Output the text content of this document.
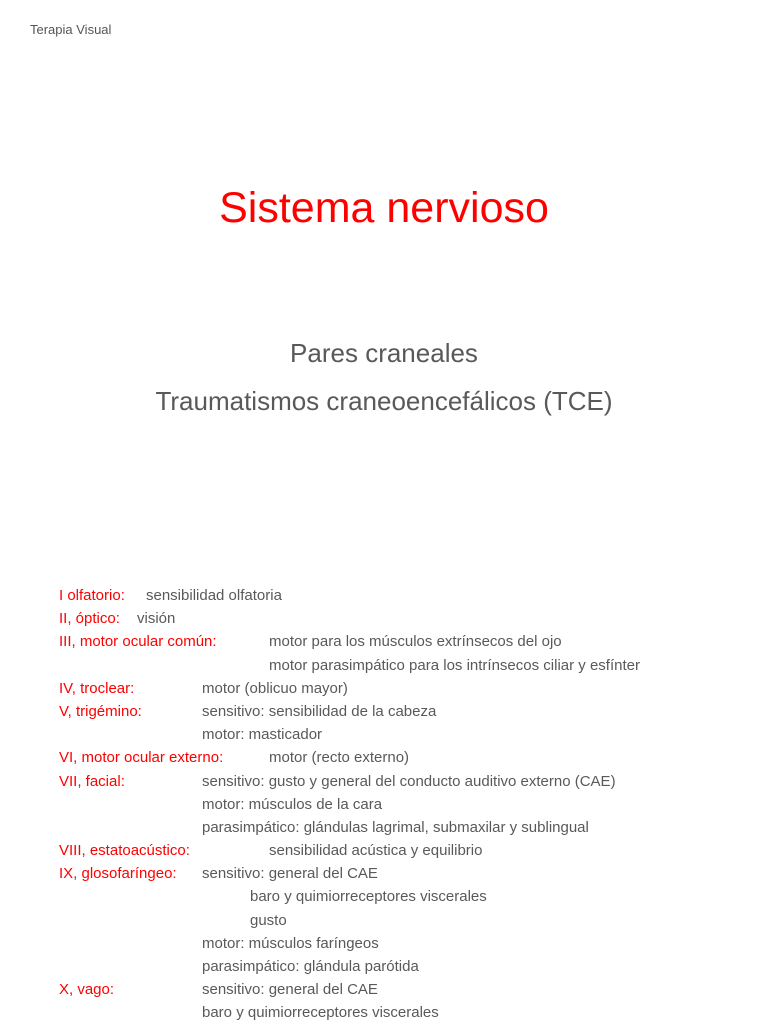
Terapia Visual
Sistema nervioso
Pares craneales
Traumatismos craneoencefálicos (TCE)
I olfatorio: sensibilidad olfatoria
II, óptico: visión
III, motor ocular común:	motor para los músculos extrínsecos del ojo
motor parasimpático para los intrínsecos ciliar y esfínter
IV, troclear:	motor (oblicuo mayor)
V, trigémino:	sensitivo: sensibilidad de la cabeza
motor: masticador
VI, motor ocular externo:	motor (recto externo)
VII, facial:	sensitivo: gusto y general del conducto auditivo externo (CAE)
motor: músculos de la cara
parasimpático: glándulas lagrimal, submaxilar y sublingual
VIII, estatoacústico:	sensibilidad acústica y equilibrio
IX, glosofaríngeo: sensitivo: general del CAE
baro y quimiorreceptores viscerales
gusto
motor: músculos faríngeos
parasimpático: glándula parótida
X, vago:	sensitivo: general del CAE
baro y quimiorreceptores viscerales
